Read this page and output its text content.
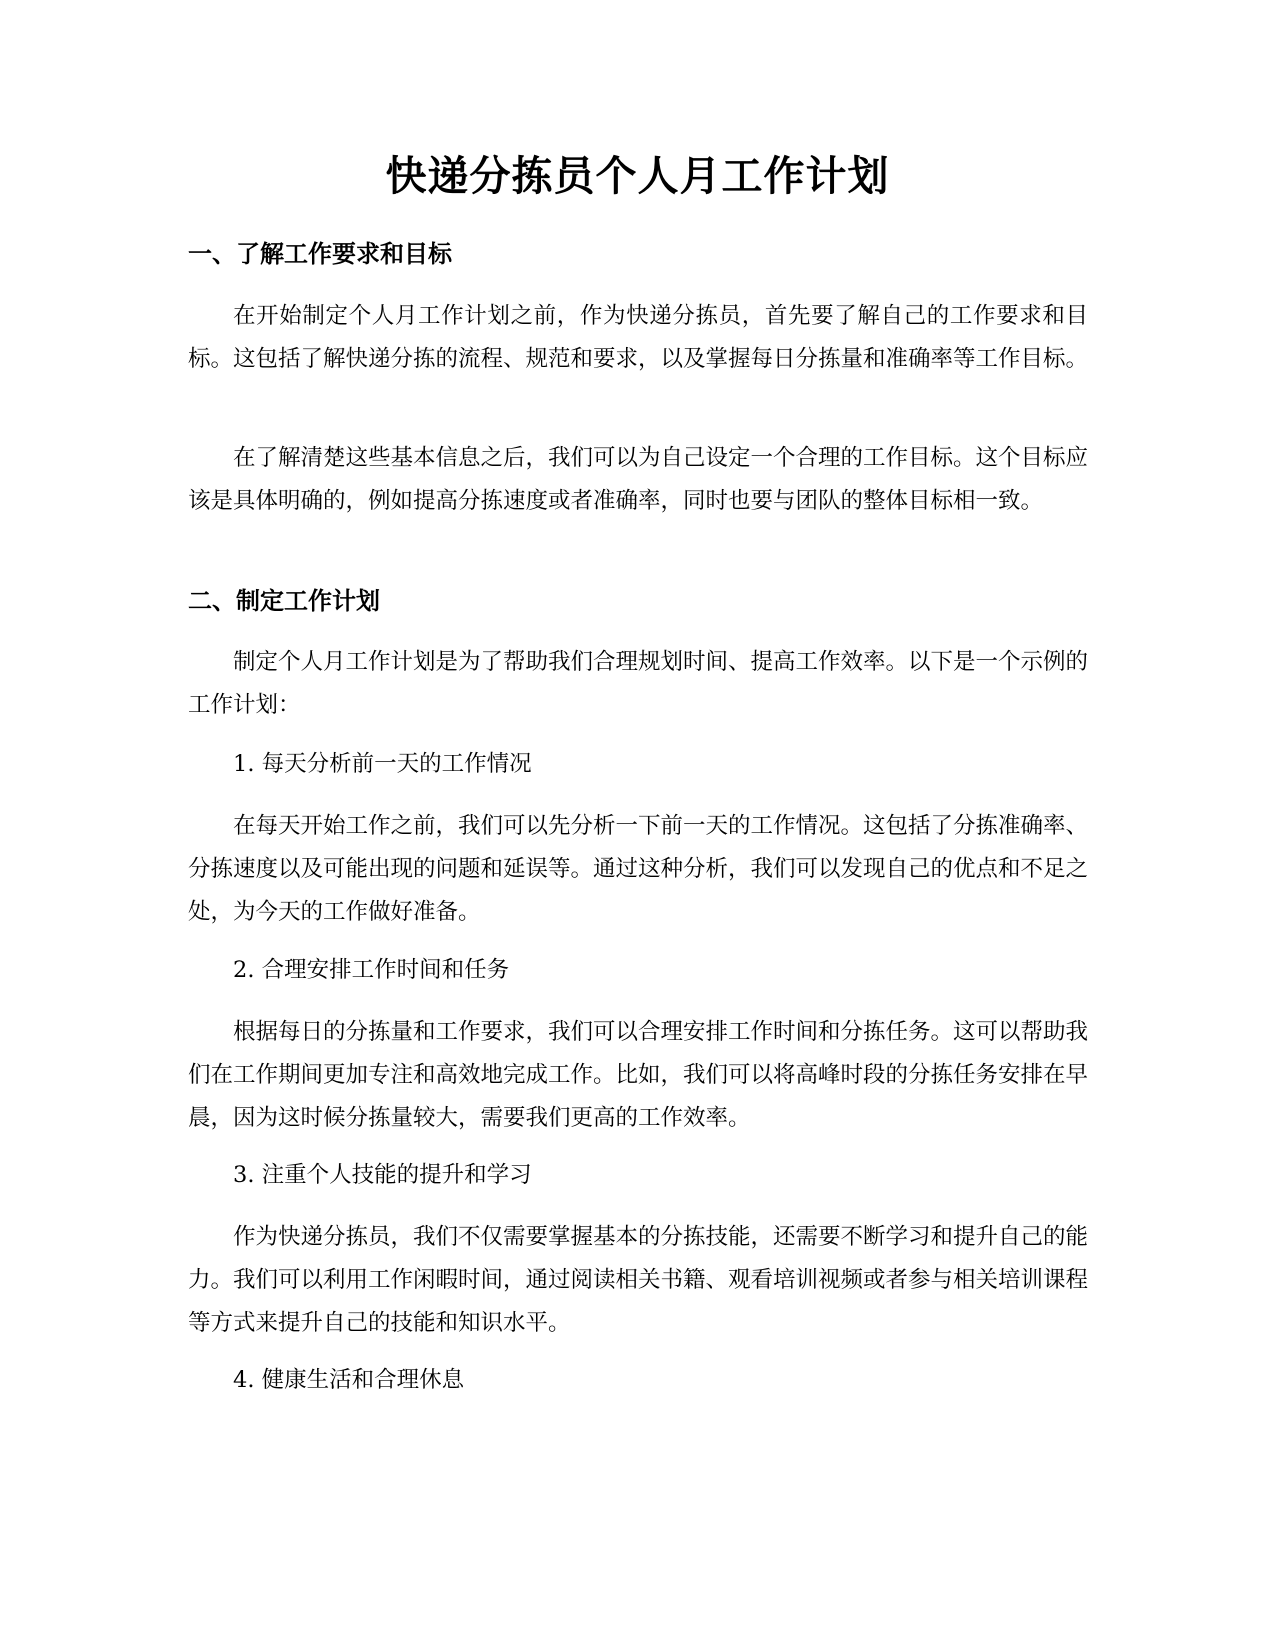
快递分拣员个人月工作计划
一、了解工作要求和目标

在开始制定个人月工作计划之前，作为快递分拣员，首先要了解自己的工作要求和目标。这包括了解快递分拣的流程、规范和要求，以及掌握每日分拣量和准确率等工作目标。

在了解清楚这些基本信息之后，我们可以为自己设定一个合理的工作目标。这个目标应该是具体明确的，例如提高分拣速度或者准确率，同时也要与团队的整体目标相一致。

二、制定工作计划

制定个人月工作计划是为了帮助我们合理规划时间、提高工作效率。以下是一个示例的工作计划：

1. 每天分析前一天的工作情况

在每天开始工作之前，我们可以先分析一下前一天的工作情况。这包括了分拣准确率、分拣速度以及可能出现的问题和延误等。通过这种分析，我们可以发现自己的优点和不足之处，为今天的工作做好准备。

2. 合理安排工作时间和任务

根据每日的分拣量和工作要求，我们可以合理安排工作时间和分拣任务。这可以帮助我们在工作期间更加专注和高效地完成工作。比如，我们可以将高峰时段的分拣任务安排在早晨，因为这时候分拣量较大，需要我们更高的工作效率。

3. 注重个人技能的提升和学习

作为快递分拣员，我们不仅需要掌握基本的分拣技能，还需要不断学习和提升自己的能力。我们可以利用工作闲暇时间，通过阅读相关书籍、观看培训视频或者参与相关培训课程等方式来提升自己的技能和知识水平。

4. 健康生活和合理休息
